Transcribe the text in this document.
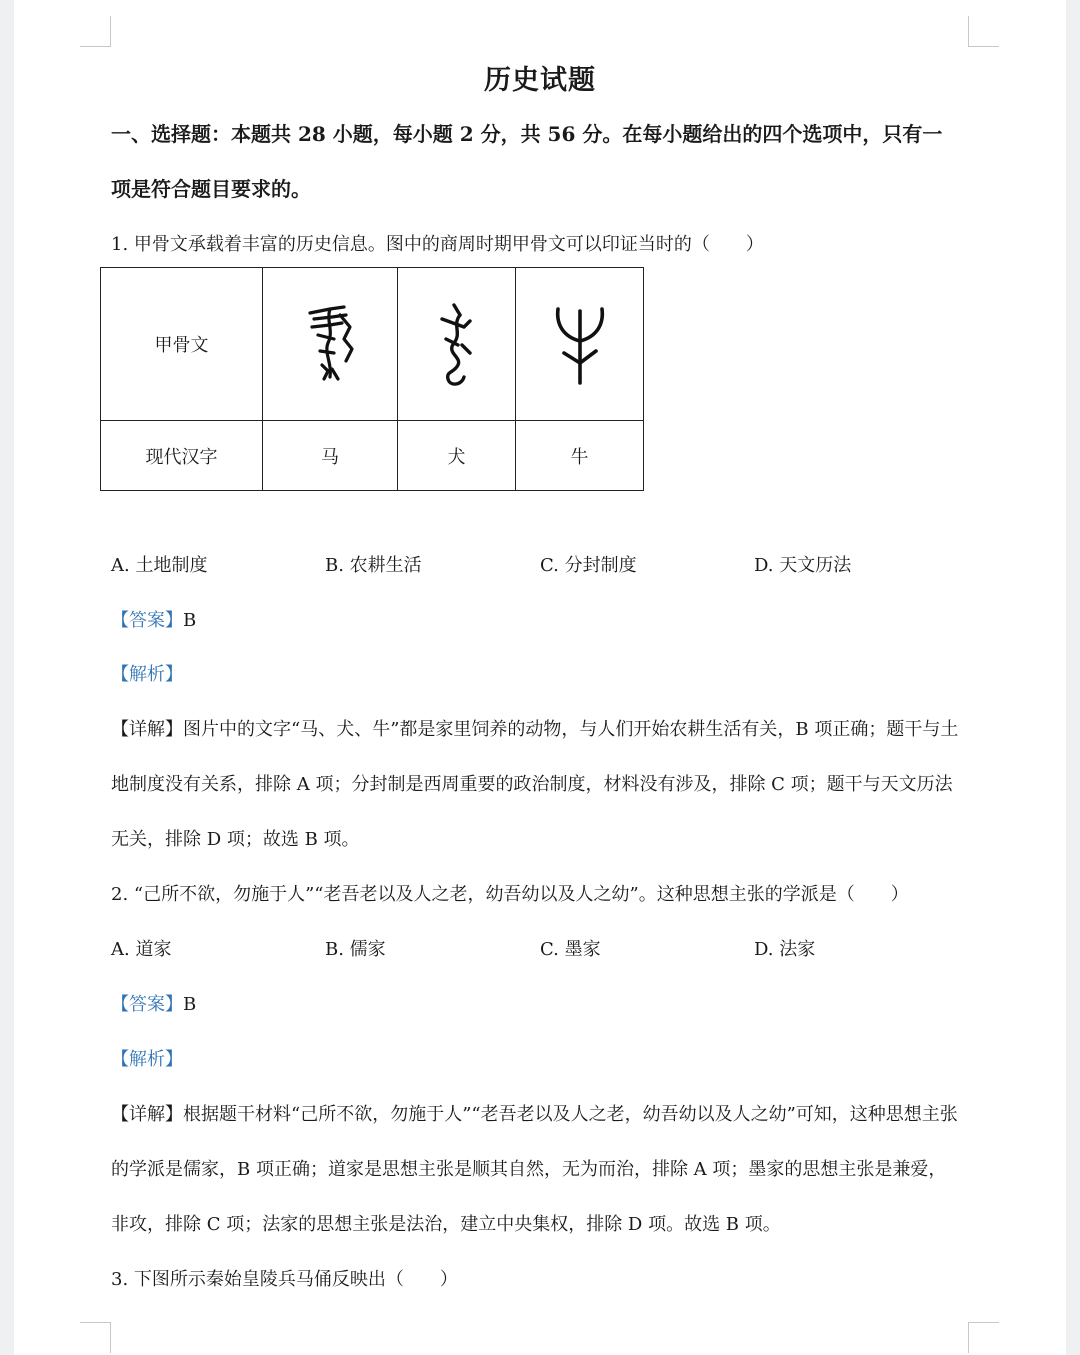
历史试题
一、选择题：本题共 28 小题，每小题 2 分，共 56 分。在每小题给出的四个选项中，只有一
项是符合题目要求的。
1. 甲骨文承载着丰富的历史信息。图中的商周时期甲骨文可以印证当时的（　　）
甲骨文	

现代汉字	马	犬	牛
A. 土地制度	B. 农耕生活	C. 分封制度	D. 天文历法
【答案】B
【解析】
【详解】图片中的文字“马、犬、牛”都是家里饲养的动物，与人们开始农耕生活有关，B 项正确；题干与土
地制度没有关系，排除 A 项；分封制是西周重要的政治制度，材料没有涉及，排除 C 项；题干与天文历法
无关，排除 D 项；故选 B 项。
2. “己所不欲，勿施于人”“老吾老以及人之老，幼吾幼以及人之幼”。这种思想主张的学派是（　　）
A. 道家	B. 儒家	C. 墨家	D. 法家
【答案】B
【解析】
【详解】根据题干材料“己所不欲，勿施于人”“老吾老以及人之老，幼吾幼以及人之幼”可知，这种思想主张
的学派是儒家，B 项正确；道家是思想主张是顺其自然，无为而治，排除 A 项；墨家的思想主张是兼爱，
非攻，排除 C 项；法家的思想主张是法治，建立中央集权，排除 D 项。故选 B 项。
3. 下图所示秦始皇陵兵马俑反映出（　　）
